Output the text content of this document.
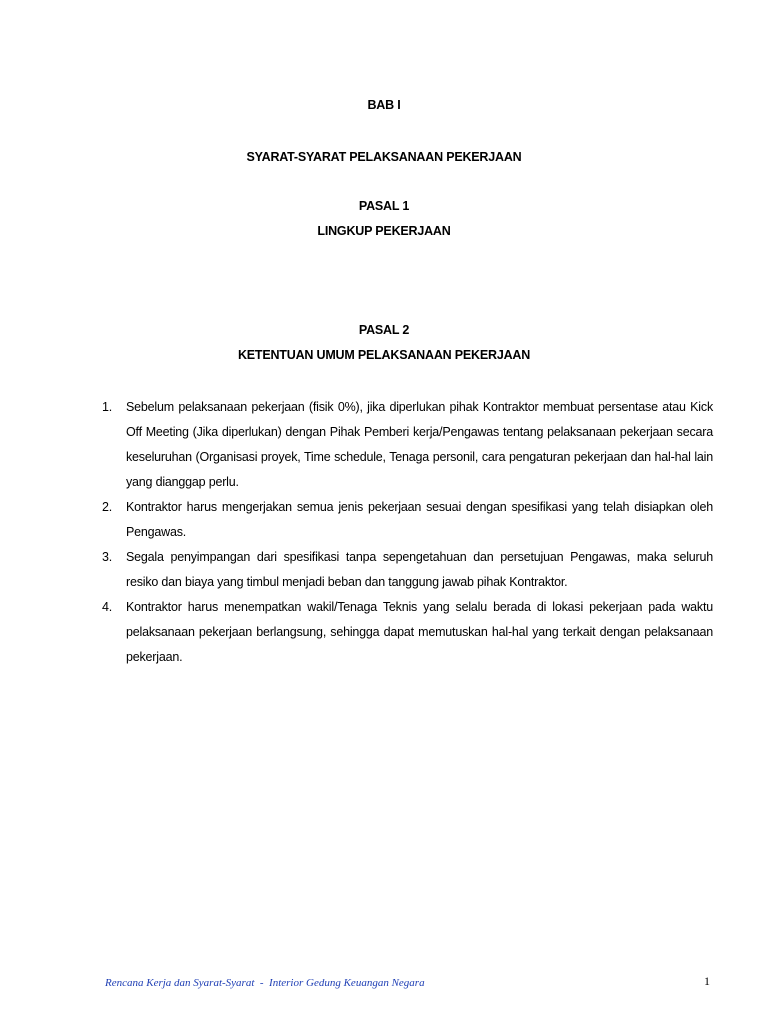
BAB I
SYARAT-SYARAT PELAKSANAAN PEKERJAAN
PASAL 1
LINGKUP PEKERJAAN
PASAL 2
KETENTUAN UMUM PELAKSANAAN PEKERJAAN
1. Sebelum pelaksanaan pekerjaan (fisik 0%), jika diperlukan pihak Kontraktor membuat persentase atau Kick Off Meeting (Jika diperlukan) dengan Pihak Pemberi kerja/Pengawas tentang pelaksanaan pekerjaan secara keseluruhan (Organisasi proyek, Time schedule, Tenaga personil, cara pengaturan pekerjaan dan hal-hal lain yang dianggap perlu.
2. Kontraktor harus mengerjakan semua jenis pekerjaan sesuai dengan spesifikasi yang telah disiapkan oleh Pengawas.
3. Segala penyimpangan dari spesifikasi tanpa sepengetahuan dan persetujuan Pengawas, maka seluruh resiko dan biaya yang timbul menjadi beban dan tanggung jawab pihak Kontraktor.
4. Kontraktor harus menempatkan wakil/Tenaga Teknis yang selalu berada di lokasi pekerjaan pada waktu pelaksanaan pekerjaan berlangsung, sehingga dapat memutuskan hal-hal yang terkait dengan pelaksanaan pekerjaan.
Rencana Kerja dan Syarat-Syarat  -  Interior Gedung Keuangan Negara	1
